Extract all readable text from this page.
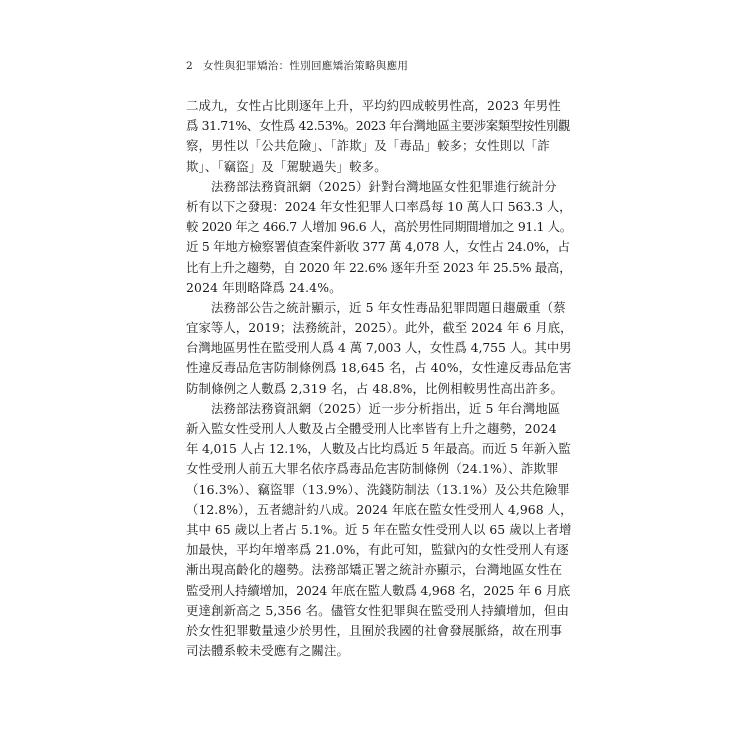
2 女性與犯罪矯治：性別回應矯治策略與應用
二成九，女性占比則逐年上升，平均約四成較男性高，2023 年男性
爲 31.71%、女性爲 42.53%。2023 年台灣地區主要涉案類型按性別觀
察，男性以「公共危險」、「詐欺」及「毒品」較多；女性則以「詐
欺」、「竊盜」及「駕駛過失」較多。
法務部法務資訊網（2025）針對台灣地區女性犯罪進行統計分
析有以下之發現：2024 年女性犯罪人口率爲每 10 萬人口 563.3 人，
較 2020 年之 466.7 人增加 96.6 人，高於男性同期間增加之 91.1 人。
近 5 年地方檢察署偵查案件新收 377 萬 4,078 人，女性占 24.0%，占
比有上升之趨勢，自 2020 年 22.6% 逐年升至 2023 年 25.5% 最高，
2024 年則略降爲 24.4%。
法務部公告之統計顯示，近 5 年女性毒品犯罪問題日趨嚴重（蔡
宜家等人，2019；法務統計，2025）。此外，截至 2024 年 6 月底，
台灣地區男性在監受刑人爲 4 萬 7,003 人，女性爲 4,755 人。其中男
性違反毒品危害防制條例爲 18,645 名，占 40%，女性違反毒品危害
防制條例之人數爲 2,319 名，占 48.8%，比例相較男性高出許多。
法務部法務資訊網（2025）近一步分析指出，近 5 年台灣地區
新入監女性受刑人人數及占全體受刑人比率皆有上升之趨勢，2024
年 4,015 人占 12.1%，人數及占比均爲近 5 年最高。而近 5 年新入監
女性受刑人前五大罪名依序爲毒品危害防制條例（24.1%）、詐欺罪
（16.3%）、竊盜罪（13.9%）、洗錢防制法（13.1%）及公共危險罪
（12.8%），五者總計約八成。2024 年底在監女性受刑人 4,968 人，
其中 65 歲以上者占 5.1%。近 5 年在監女性受刑人以 65 歲以上者增
加最快，平均年增率爲 21.0%，有此可知，監獄內的女性受刑人有逐
漸出現高齡化的趨勢。法務部矯正署之統計亦顯示，台灣地區女性在
監受刑人持續增加，2024 年底在監人數爲 4,968 名，2025 年 6 月底
更達創新高之 5,356 名。儘管女性犯罪與在監受刑人持續增加，但由
於女性犯罪數量遠少於男性，且囿於我國的社會發展脈絡，故在刑事
司法體系較未受應有之關注。
